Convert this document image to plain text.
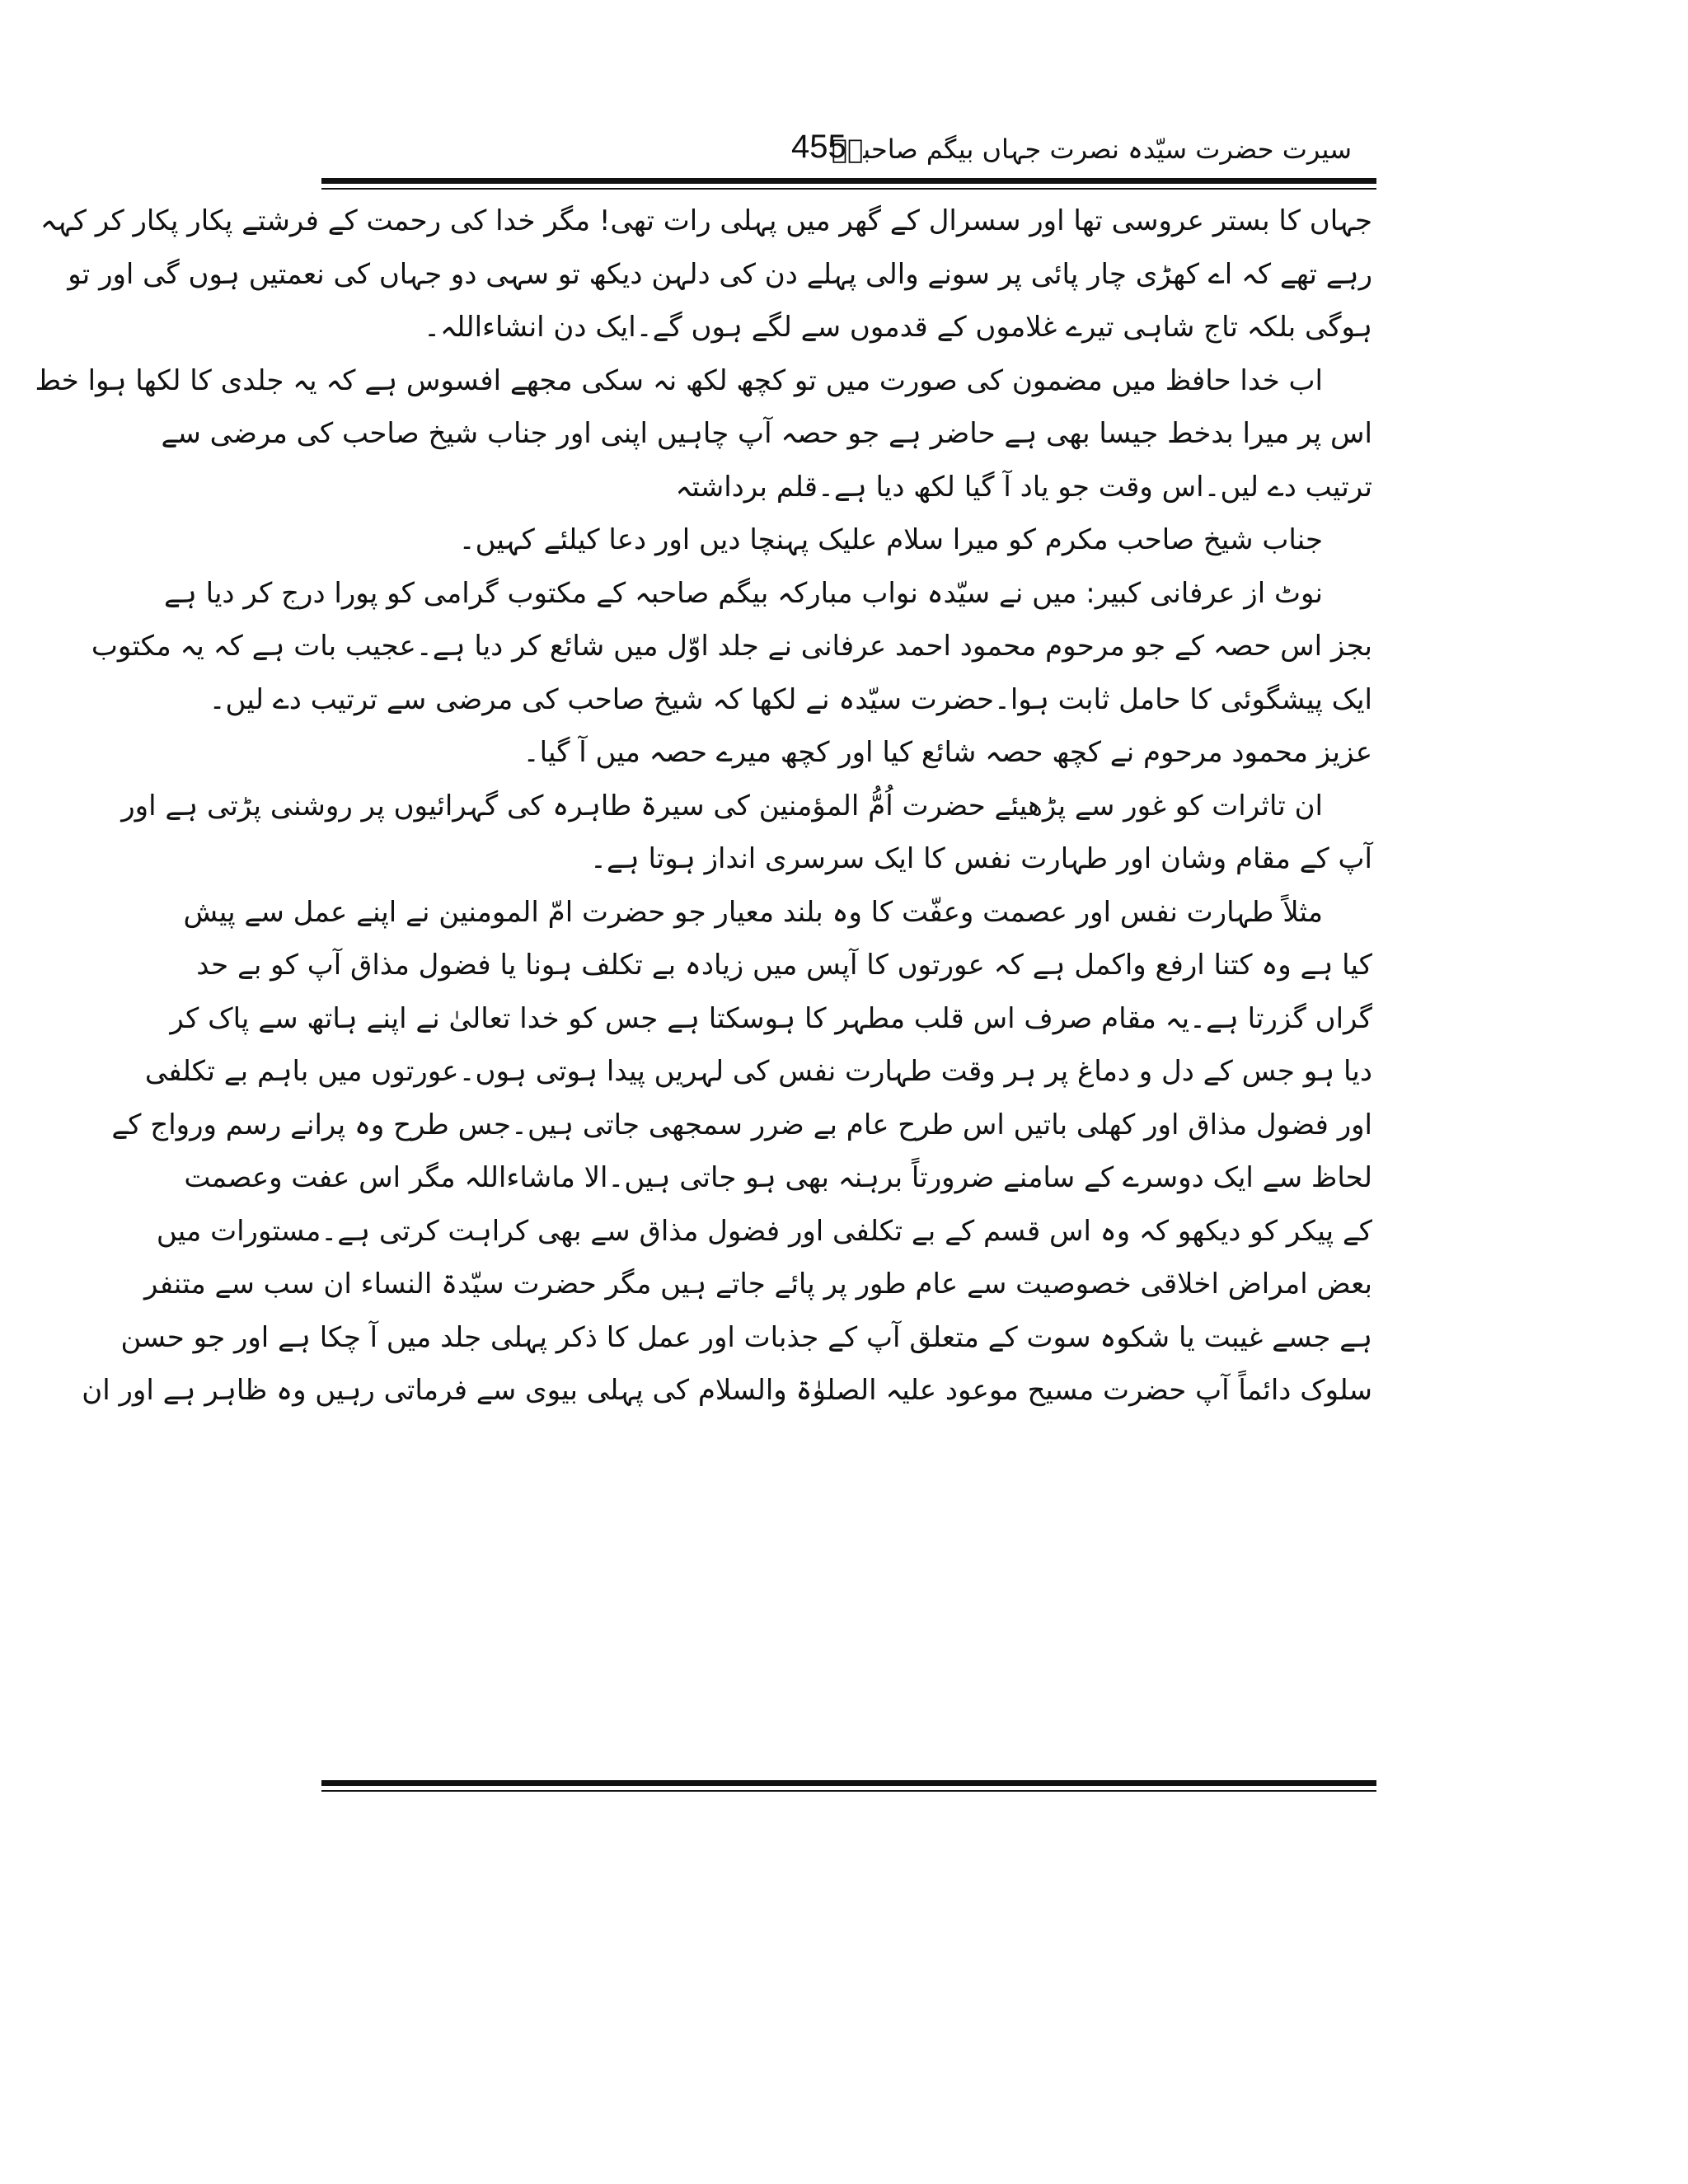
سیرت حضرت سیّدہ نصرت جہاں بیگم صاحبہؓ
455
جہاں کا بستر عروسی تھا اور سسرال کے گھر میں پہلی رات تھی! مگر خدا کی رحمت کے فرشتے پکار پکار کر کہہ
رہے تھے کہ اے کھڑی چار پائی پر سونے والی پہلے دن کی دلہن دیکھ تو سہی دو جہاں کی نعمتیں ہوں گی اور تو
ہوگی بلکہ تاج شاہی تیرے غلاموں کے قدموں سے لگے ہوں گے۔ایک دن انشاءاللہ۔
اب خدا حافظ میں مضمون کی صورت میں تو کچھ لکھ نہ سکی مجھے افسوس ہے کہ یہ جلدی کا لکھا ہوا خط
اس پر میرا بدخط جیسا بھی ہے حاضر ہے جو حصہ آپ چاہیں اپنی اور جناب شیخ صاحب کی مرضی سے
ترتیب دے لیں۔اس وقت جو یاد آ گیا لکھ دیا ہے۔قلم برداشتہ
جناب شیخ صاحب مکرم کو میرا سلام علیک پہنچا دیں اور دعا کیلئے کہیں۔
نوٹ از عرفانی کبیر: میں نے سیّدہ نواب مبارکہ بیگم صاحبہ کے مکتوب گرامی کو پورا درج کر دیا ہے
بجز اس حصہ کے جو مرحوم محمود احمد عرفانی نے جلد اوّل میں شائع کر دیا ہے۔عجیب بات ہے کہ یہ مکتوب
ایک پیشگوئی کا حامل ثابت ہوا۔حضرت سیّدہ نے لکھا کہ شیخ صاحب کی مرضی سے ترتیب دے لیں۔
عزیز محمود مرحوم نے کچھ حصہ شائع کیا اور کچھ میرے حصہ میں آ گیا۔
ان تاثرات کو غور سے پڑھیئے حضرت اُمُّ المؤمنین کی سیرۃ طاہرہ کی گہرائیوں پر روشنی پڑتی ہے اور
آپ کے مقام وشان اور طہارت نفس کا ایک سرسری انداز ہوتا ہے۔
مثلاً طہارت نفس اور عصمت وعفّت کا وہ بلند معیار جو حضرت امّ المومنین نے اپنے عمل سے پیش
کیا ہے وہ کتنا ارفع واکمل ہے کہ عورتوں کا آپس میں زیادہ بے تکلف ہونا یا فضول مذاق آپ کو بے حد
گراں گزرتا ہے۔یہ مقام صرف اس قلب مطہر کا ہوسکتا ہے جس کو خدا تعالیٰ نے اپنے ہاتھ سے پاک کر
دیا ہو جس کے دل و دماغ پر ہر وقت طہارت نفس کی لہریں پیدا ہوتی ہوں۔عورتوں میں باہم بے تکلفی
اور فضول مذاق اور کھلی باتیں اس طرح عام بے ضرر سمجھی جاتی ہیں۔جس طرح وہ پرانے رسم ورواج کے
لحاظ سے ایک دوسرے کے سامنے ضرورتاً برہنہ بھی ہو جاتی ہیں۔الا ماشاءاللہ مگر اس عفت وعصمت
کے پیکر کو دیکھو کہ وہ اس قسم کے بے تکلفی اور فضول مذاق سے بھی کراہت کرتی ہے۔مستورات میں
بعض امراض اخلاقی خصوصیت سے عام طور پر پائے جاتے ہیں مگر حضرت سیّدۃ النساء ان سب سے متنفر
ہے جسے غیبت یا شکوہ سوت کے متعلق آپ کے جذبات اور عمل کا ذکر پہلی جلد میں آ چکا ہے اور جو حسن
سلوک دائماً آپ حضرت مسیح موعود علیہ الصلوٰۃ والسلام کی پہلی بیوی سے فرماتی رہیں وہ ظاہر ہے اور ان
